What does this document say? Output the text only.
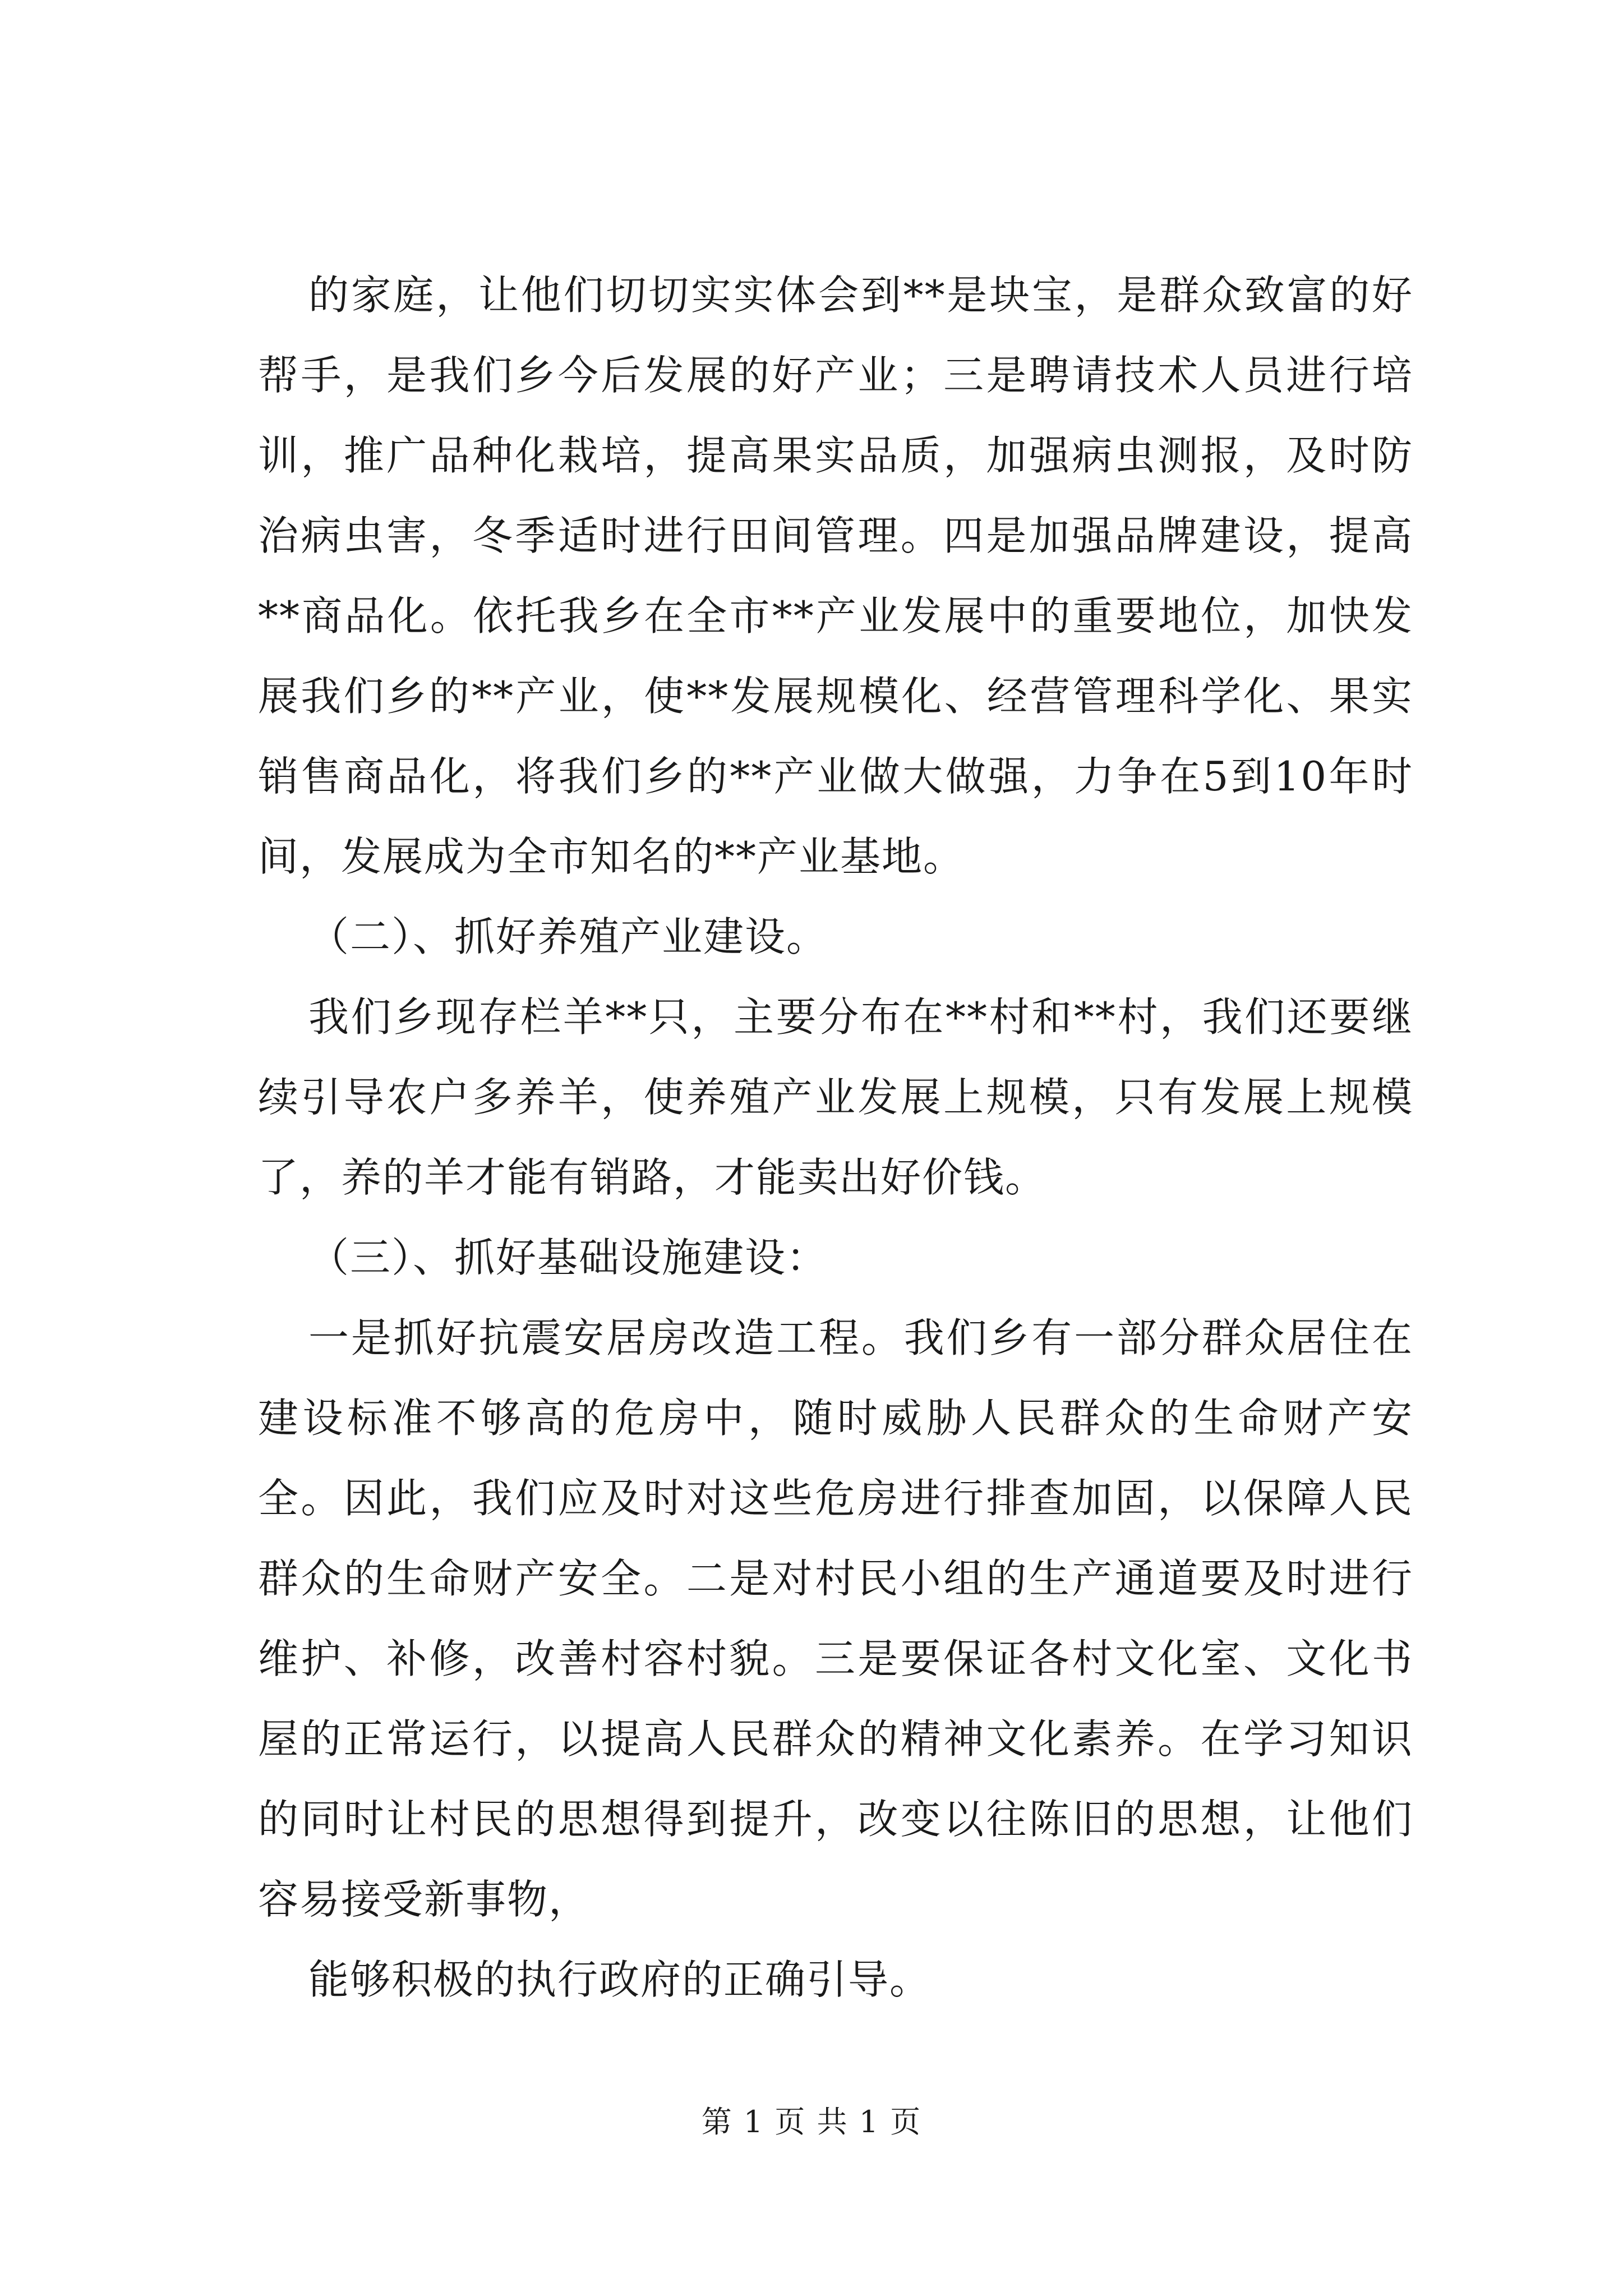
的家庭，让他们切切实实体会到**是块宝，是群众致富的好帮手，是我们乡今后发展的好产业；三是聘请技术人员进行培训，推广品种化栽培，提高果实品质，加强病虫测报，及时防治病虫害，冬季适时进行田间管理。四是加强品牌建设，提高**商品化。依托我乡在全市**产业发展中的重要地位，加快发展我们乡的**产业，使**发展规模化、经营管理科学化、果实销售商品化，将我们乡的**产业做大做强，力争在5到10年时间，发展成为全市知名的**产业基地。

（二）、抓好养殖产业建设。

我们乡现存栏羊**只，主要分布在**村和**村，我们还要继续引导农户多养羊，使养殖产业发展上规模，只有发展上规模了，养的羊才能有销路，才能卖出好价钱。

（三）、抓好基础设施建设：

一是抓好抗震安居房改造工程。我们乡有一部分群众居住在建设标准不够高的危房中，随时威胁人民群众的生命财产安全。因此，我们应及时对这些危房进行排查加固，以保障人民群众的生命财产安全。二是对村民小组的生产通道要及时进行维护、补修，改善村容村貌。三是要保证各村文化室、文化书屋的正常运行，以提高人民群众的精神文化素养。在学习知识的同时让村民的思想得到提升，改变以往陈旧的思想，让他们容易接受新事物，

能够积极的执行政府的正确引导。

第 1 页 共 1 页
